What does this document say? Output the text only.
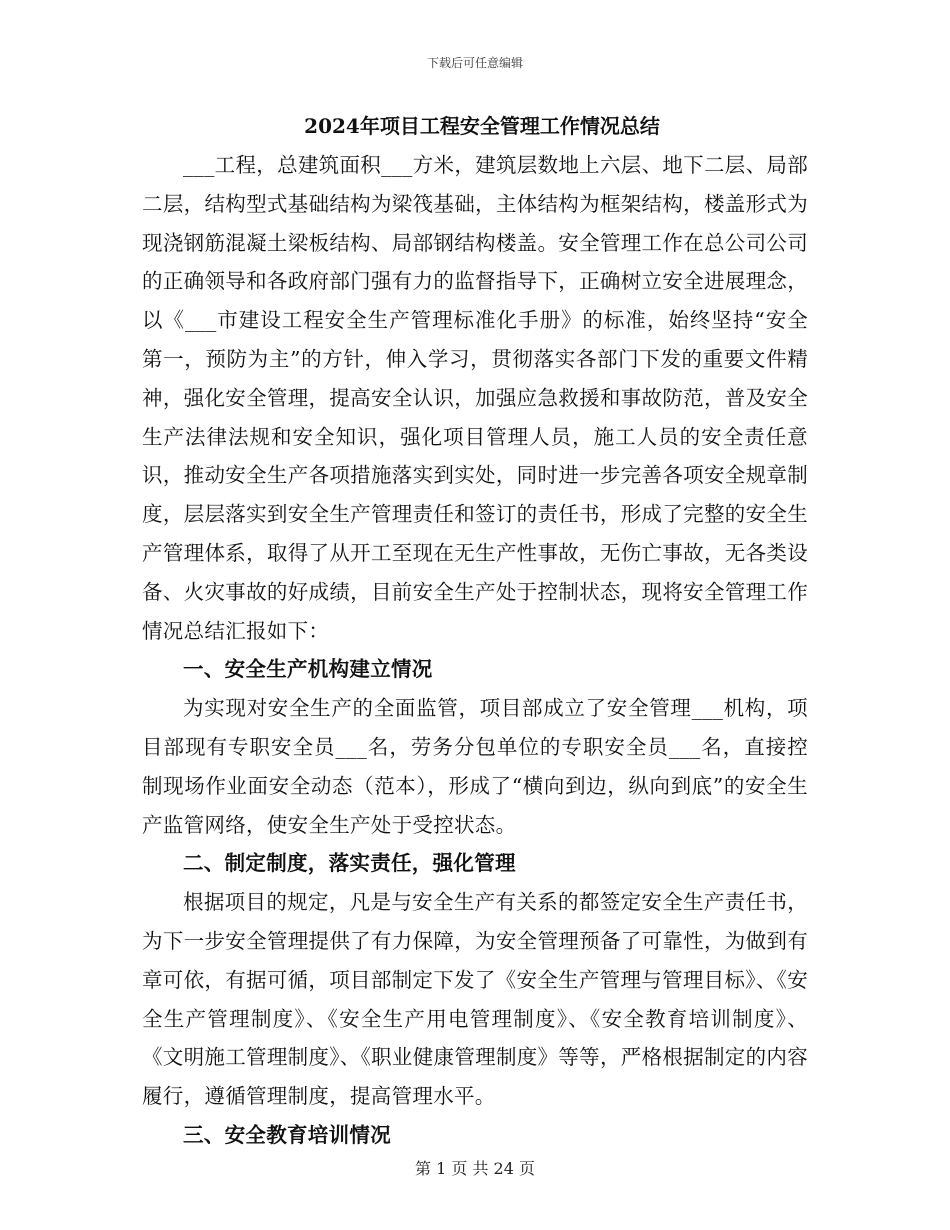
下载后可任意编辑
2024年项目工程安全管理工作情况总结

___工程，总建筑面积___方米，建筑层数地上六层、地下二层、局部二层，结构型式基础结构为梁筏基础，主体结构为框架结构，楼盖形式为现浇钢筋混凝土梁板结构、局部钢结构楼盖。安全管理工作在总公司公司的正确领导和各政府部门强有力的监督指导下，正确树立安全进展理念，以《___市建设工程安全生产管理标准化手册》的标准，始终坚持“安全第一，预防为主”的方针，伸入学习，贯彻落实各部门下发的重要文件精神，强化安全管理，提高安全认识，加强应急救援和事故防范，普及安全生产法律法规和安全知识，强化项目管理人员，施工人员的安全责任意识，推动安全生产各项措施落实到实处，同时进一步完善各项安全规章制度，层层落实到安全生产管理责任和签订的责任书，形成了完整的安全生产管理体系，取得了从开工至现在无生产性事故，无伤亡事故，无各类设备、火灾事故的好成绩，目前安全生产处于控制状态，现将安全管理工作情况总结汇报如下：

一、安全生产机构建立情况

为实现对安全生产的全面监管，项目部成立了安全管理___机构，项目部现有专职安全员___名，劳务分包单位的专职安全员___名，直接控制现场作业面安全动态（范本），形成了“横向到边，纵向到底”的安全生产监管网络，使安全生产处于受控状态。

二、制定制度，落实责任，强化管理

根据项目的规定，凡是与安全生产有关系的都签定安全生产责任书，为下一步安全管理提供了有力保障，为安全管理预备了可靠性，为做到有章可依，有据可循，项目部制定下发了《安全生产管理与管理目标》、《安全生产管理制度》、《安全生产用电管理制度》、《安全教育培训制度》、《文明施工管理制度》、《职业健康管理制度》等等，严格根据制定的内容履行，遵循管理制度，提高管理水平。

三、安全教育培训情况

第 1 页 共 24 页
